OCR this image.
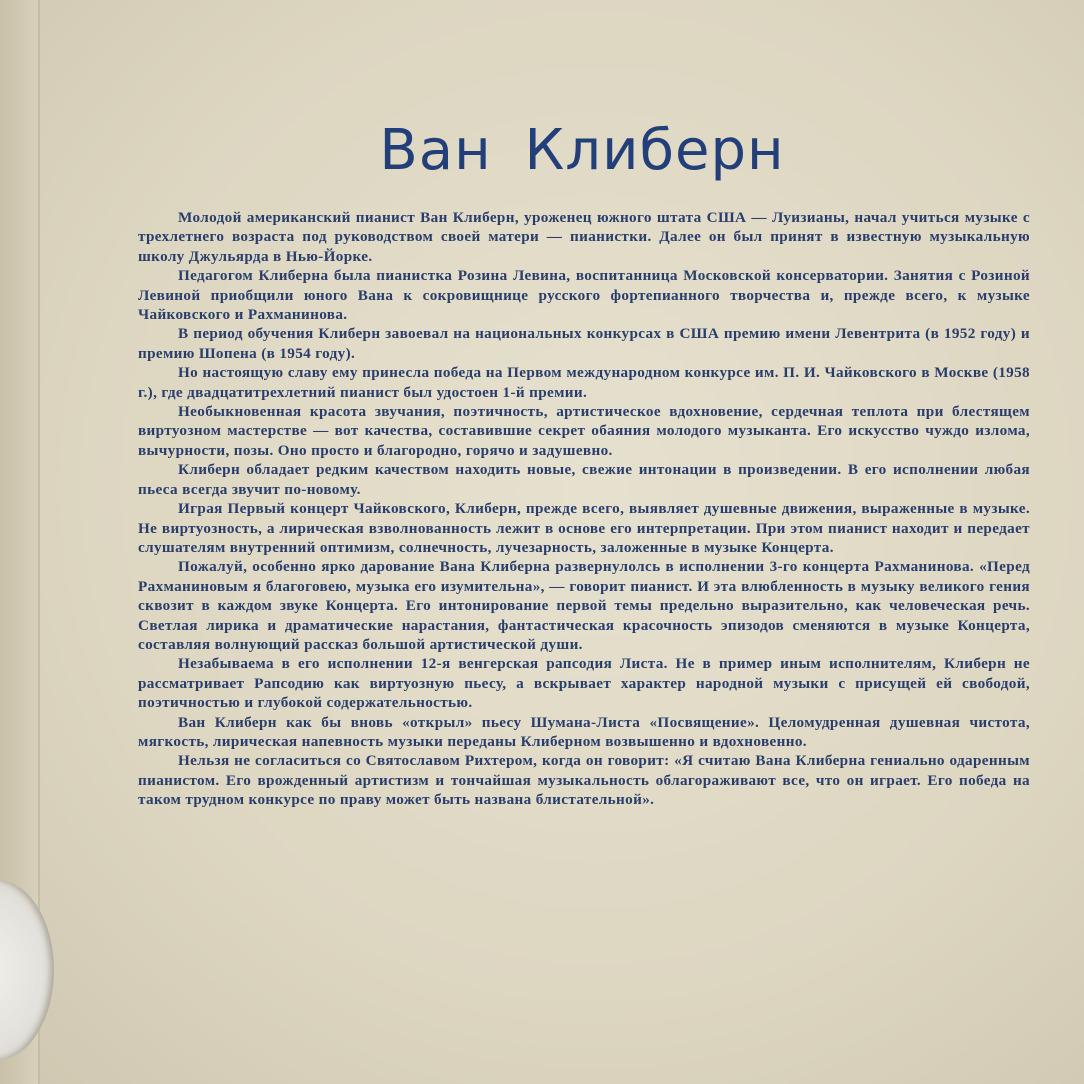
Ван Клиберн

Молодой американский пианист Ван Клиберн, уроженец южного штата США — Луизианы, начал учиться музыке с трехлетнего возраста под руководством своей матери — пианистки. Далее он был принят в известную музыкальную школу Джульярда в Нью-Йорке.

Педагогом Клиберна была пианистка Розина Левина, воспитанница Московской консерватории. Занятия с Розиной Левиной приобщили юного Вана к сокровищнице русского фортепианного творчества и, прежде всего, к музыке Чайковского и Рахманинова.

В период обучения Клиберн завоевал на национальных конкурсах в США премию имени Левентрита (в 1952 году) и премию Шопена (в 1954 году).

Но настоящую славу ему принесла победа на Первом международном конкурсе им. П. И. Чайковского в Москве (1958 г.), где двадцатитрехлетний пианист был удостоен 1-й премии.

Необыкновенная красота звучания, поэтичность, артистическое вдохновение, сердечная теплота при блестящем виртуозном мастерстве — вот качества, составившие секрет обаяния молодого музыканта. Его искусство чуждо излома, вычурности, позы. Оно просто и благородно, горячо и задушевно.

Клиберн обладает редким качеством находить новые, свежие интонации в произведении. В его исполнении любая пьеса всегда звучит по-новому.

Играя Первый концерт Чайковского, Клиберн, прежде всего, выявляет душевные движения, выраженные в музыке. Не виртуозность, а лирическая взволнованность лежит в основе его интерпретации. При этом пианист находит и передает слушателям внутренний оптимизм, солнечность, лучезарность, заложенные в музыке Концерта.

Пожалуй, особенно ярко дарование Вана Клиберна развернулолсь в исполнении 3-го концерта Рахманинова. «Перед Рахманиновым я благоговею, музыка его изумительна», — говорит пианист. И эта влюбленность в музыку великого гения сквозит в каждом звуке Концерта. Его интонирование первой темы предельно выразительно, как человеческая речь. Светлая лирика и драматические нарастания, фантастическая красочность эпизодов сменяются в музыке Концерта, составляя волнующий рассказ большой артистической души.

Незабываема в его исполнении 12-я венгерская рапсодия Листа. Не в пример иным исполнителям, Клиберн не рассматривает Рапсодию как виртуозную пьесу, а вскрывает характер народной музыки с присущей ей свободой, поэтичностью и глубокой содержательностью.

Ван Клиберн как бы вновь «открыл» пьесу Шумана-Листа «Посвящение». Целомудренная душевная чистота, мягкость, лирическая напевность музыки переданы Клиберном возвышенно и вдохновенно.

Нельзя не согласиться со Святославом Рихтером, когда он говорит: «Я считаю Вана Клиберна гениально одаренным пианистом. Его врожденный артистизм и тончайшая музыкальность облагораживают все, что он играет. Его победа на таком трудном конкурсе по праву может быть названа блистательной».
